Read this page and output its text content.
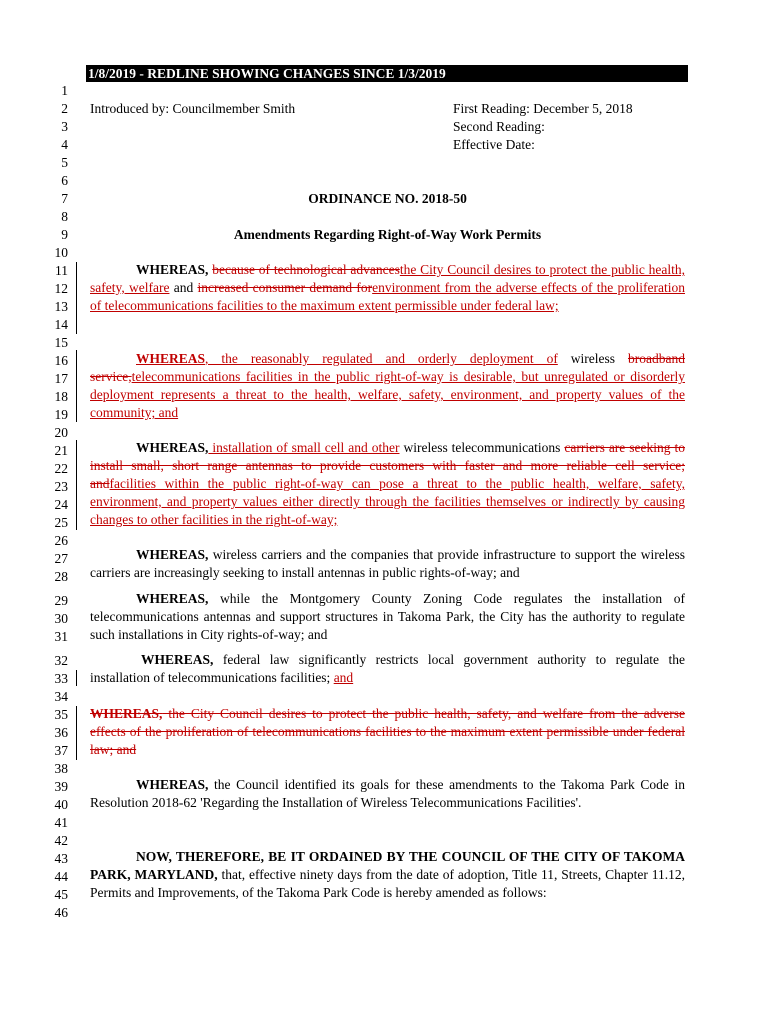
1/8/2019 - REDLINE SHOWING CHANGES SINCE 1/3/2019
1
2
3
4
5
6
7
8
9
10
11
12
13
14
15
16
17
18
19
20
21
22
23
24
25
26
27
28
29
30
31
32
33
34
35
36
37
38
39
40
41
42
43
44
45
46
Introduced by: Councilmember Smith	First Reading: December 5, 2018
Second Reading:
Effective Date:
ORDINANCE NO. 2018-50
Amendments Regarding Right-of-Way Work Permits
WHEREAS, because of technological advancesthe City Council desires to protect the public health, safety, welfare and increased consumer demand forenvironment from the adverse effects of the proliferation of telecommunications facilities to the maximum extent permissible under federal law;
WHEREAS, the reasonably regulated and orderly deployment of wireless broadband service,telecommunications facilities in the public right-of-way is desirable, but unregulated or disorderly deployment represents a threat to the health, welfare, safety, environment, and property values of the community; and
WHEREAS, installation of small cell and other wireless telecommunications carriers are seeking to install small, short range antennas to provide customers with faster and more reliable cell service; andfacilities within the public right-of-way can pose a threat to the public health, welfare, safety, environment, and property values either directly through the facilities themselves or indirectly by causing changes to other facilities in the right-of-way;
WHEREAS, wireless carriers and the companies that provide infrastructure to support the wireless carriers are increasingly seeking to install antennas in public rights-of-way; and
WHEREAS, while the Montgomery County Zoning Code regulates the installation of telecommunications antennas and support structures in Takoma Park, the City has the authority to regulate such installations in City rights-of-way; and
WHEREAS, federal law significantly restricts local government authority to regulate the installation of telecommunications facilities; and
WHEREAS, the City Council desires to protect the public health, safety, and welfare from the adverse effects of the proliferation of telecommunications facilities to the maximum extent permissible under federal law; and
WHEREAS, the Council identified its goals for these amendments to the Takoma Park Code in Resolution 2018-62 'Regarding the Installation of Wireless Telecommunications Facilities'.
NOW, THEREFORE, BE IT ORDAINED BY THE COUNCIL OF THE CITY OF TAKOMA PARK, MARYLAND, that, effective ninety days from the date of adoption, Title 11, Streets, Chapter 11.12, Permits and Improvements, of the Takoma Park Code is hereby amended as follows:
